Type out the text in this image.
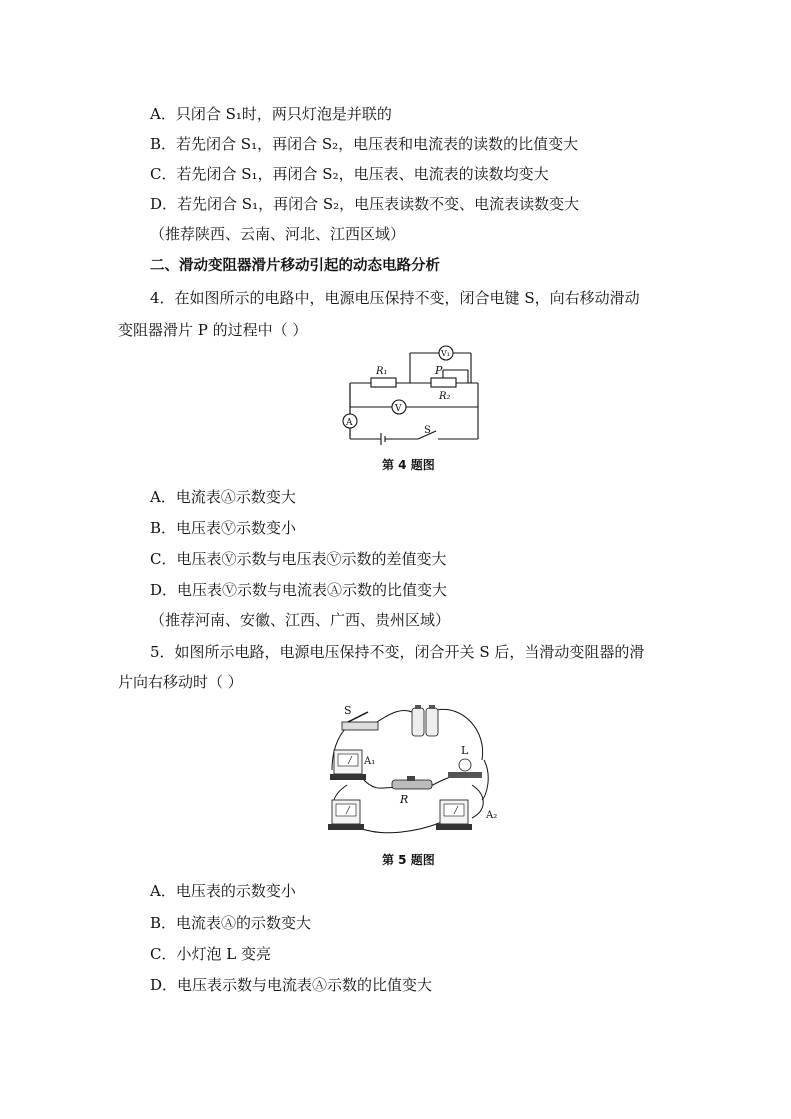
A．只闭合 S₁时，两只灯泡是并联的
B．若先闭合 S₁，再闭合 S₂，电压表和电流表的读数的比值变大
C．若先闭合 S₁，再闭合 S₂，电压表、电流表的读数均变大
D．若先闭合 S₁，再闭合 S₂，电压表读数不变、电流表读数变大
（推荐陕西、云南、河北、江西区域）
二、滑动变阻器滑片移动引起的动态电路分析
4．在如图所示的电路中，电源电压保持不变，闭合电键 S，向右移动滑动
变阻器滑片 P 的过程中（ ）
R₁	P
R₂
V₁
V
A
S
第 4 题图
A．电流表Ⓐ示数变大
B．电压表Ⓥ示数变小
C．电压表Ⓥ示数与电压表Ⓥ示数的差值变大
D．电压表Ⓥ示数与电流表Ⓐ示数的比值变大
（推荐河南、安徽、江西、广西、贵州区域）
5．如图所示电路，电源电压保持不变，闭合开关 S 后，当滑动变阻器的滑
片向右移动时（ ）
S
A₁
L
R
A₂
第 5 题图
A．电压表的示数变小
B．电流表Ⓐ的示数变大
C．小灯泡 L 变亮
D．电压表示数与电流表Ⓐ示数的比值变大
